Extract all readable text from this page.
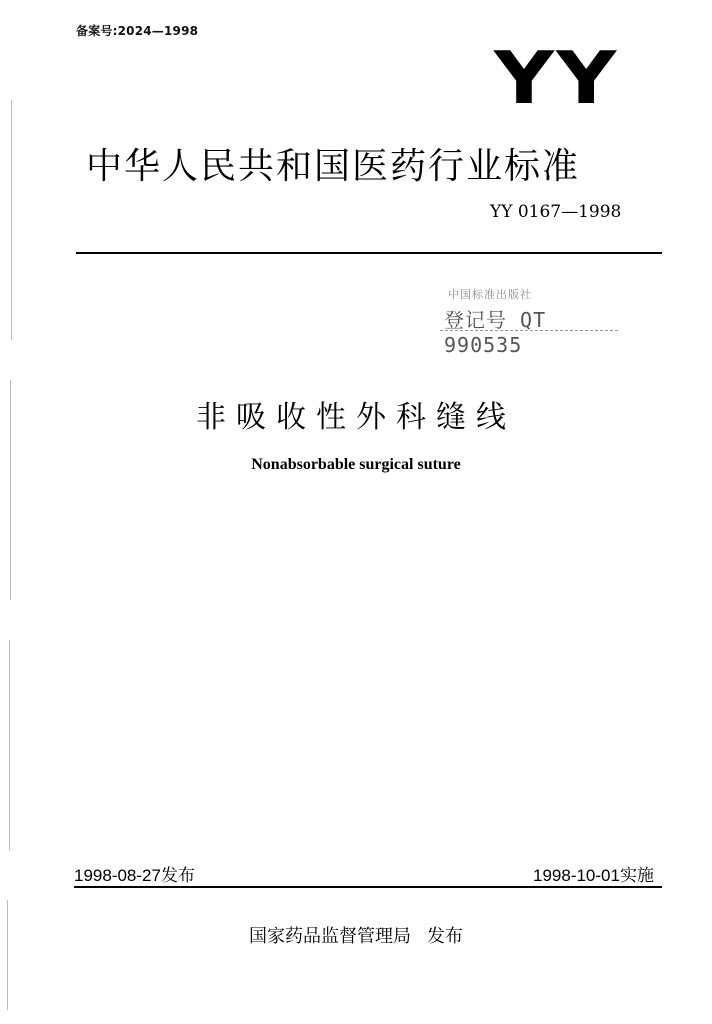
备案号:2024—1998
YY
中华人民共和国医药行业标准
YY 0167—1998
中国标准出版社
登记号 QT 990535
非吸收性外科缝线
Nonabsorbable surgical suture
1998-08-27发布	1998-10-01实施
国家药品监督管理局 发布
